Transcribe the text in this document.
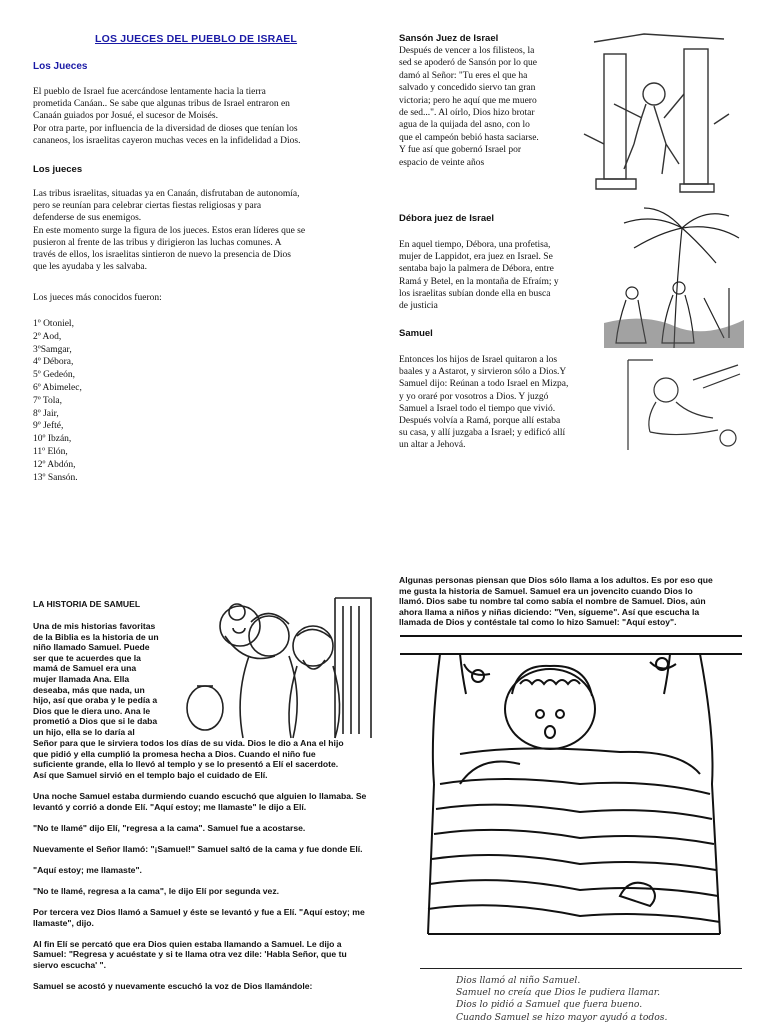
LOS JUECES DEL PUEBLO DE ISRAEL
Los Jueces
El pueblo de Israel fue acercándose lentamente hacia la tierra
prometida Canáan.. Se sabe que algunas tribus de Israel entraron en
Canaán guiados por Josué, el sucesor de Moisés.
Por otra parte, por influencia de la diversidad de dioses que tenían los
cananeos, los israelitas cayeron muchas veces en la infidelidad a Dios.
Los jueces
Las tribus israelitas, situadas ya en Canaán, disfrutaban de autonomía,
pero se reunían para celebrar ciertas fiestas religiosas y para
defenderse de sus enemigos.
En este momento surge la figura de los jueces. Estos eran líderes que se
pusieron al frente de las tribus y dirigieron las luchas comunes. A
través de ellos, los israelitas sintieron de nuevo la presencia de Dios
que les ayudaba y les salvaba.
Los jueces más conocidos fueron:
1º Otoniel,
2º Aod,
3ºSamgar,
4º Débora,
5º Gedeón,
6º Abimelec,
7º Tola,
8º Jair,
9º Jefté,
10º Ibzán,
11º Elón,
12º Abdón,
13º Sansón.
Sansón Juez de Israel
Después de vencer a los filisteos, la
sed se apoderó de Sansón por lo que
damó al Señor: "Tu eres el que ha
salvado y concedido siervo tan gran
victoria; pero he aquí que me muero
de sed...". Al oírlo, Dios hizo brotar
agua de la quijada del asno, con lo
que el campeón bebió hasta saciarse.
Y fue así que gobernó Israel por
espacio de veinte años
Débora juez de Israel
En aquel tiempo, Débora, una profetisa,
mujer de Lappidot, era juez en Israel. Se
sentaba bajo la palmera de Débora, entre
Ramá y Betel, en la montaña de Efraím; y
los israelitas subían donde ella en busca
de justicia
Samuel
Entonces los hijos de Israel quitaron a los
baales y a Astarot, y sirvieron sólo a Dios.Y
Samuel dijo: Reúnan a todo Israel en Mizpa,
y yo oraré por vosotros a Dios. Y juzgó
Samuel a Israel todo el tiempo que vivió.
Después volvía a Ramá, porque allí estaba
su casa, y allí juzgaba a Israel; y edificó allí
un altar a Jehová.
LA HISTORIA DE SAMUEL
Una de mis historias favoritas
de la Biblia es la historia de un
niño llamado Samuel. Puede
ser que te acuerdes que la
mamá de Samuel era una
mujer llamada Ana. Ella
deseaba, más que nada, un
hijo, así que oraba y le pedía a
Dios que le diera uno. Ana le
prometió a Dios que si le daba
un hijo, ella se lo daría al
Señor para que le sirviera todos los días de su vida. Dios le dio a Ana el hijo
que pidió y ella cumplió la promesa hecha a Dios. Cuando el niño fue
suficiente grande, ella lo llevó al templo y se lo presentó a Elí el sacerdote.
Así que Samuel sirvió en el templo bajo el cuidado de Elí.

Una noche Samuel estaba durmiendo cuando escuchó que alguien lo llamaba. Se levantó y corrió a donde Elí. "Aquí estoy; me llamaste" le dijo a Elí.

"No te llamé" dijo Elí, "regresa a la cama". Samuel fue a acostarse.

Nuevamente el Señor llamó: "¡Samuel!" Samuel saltó de la cama y fue donde Elí.

"Aquí estoy; me llamaste".

"No te llamé, regresa a la cama", le dijo Elí por segunda vez.

Por tercera vez Dios llamó a Samuel y éste se levantó y fue a Elí. "Aquí estoy; me llamaste", dijo.

Al fin Elí se percató que era Dios quien estaba llamando a Samuel. Le dijo a Samuel: "Regresa y acuéstate y si te llama otra vez dile: 'Habla Señor, que tu siervo escucha' ".

Samuel se acostó y nuevamente escuchó la voz de Dios llamándole:

Algunas personas piensan que Dios sólo llama a los adultos. Es por eso que
me gusta la historia de Samuel. Samuel era un jovencito cuando Dios lo
llamó. Dios sabe tu nombre tal como sabía el nombre de Samuel. Dios, aún
ahora llama a niños y niñas diciendo: "Ven, sígueme". Así que escucha la
llamada de Dios y contéstale tal como lo hizo Samuel: "Aquí estoy".
Dios llamó al niño Samuel.
Samuel no creía que Dios le pudiera llamar.
Dios lo pidió a Samuel que fuera bueno.
Cuando Samuel se hizo mayor ayudó a todos.
